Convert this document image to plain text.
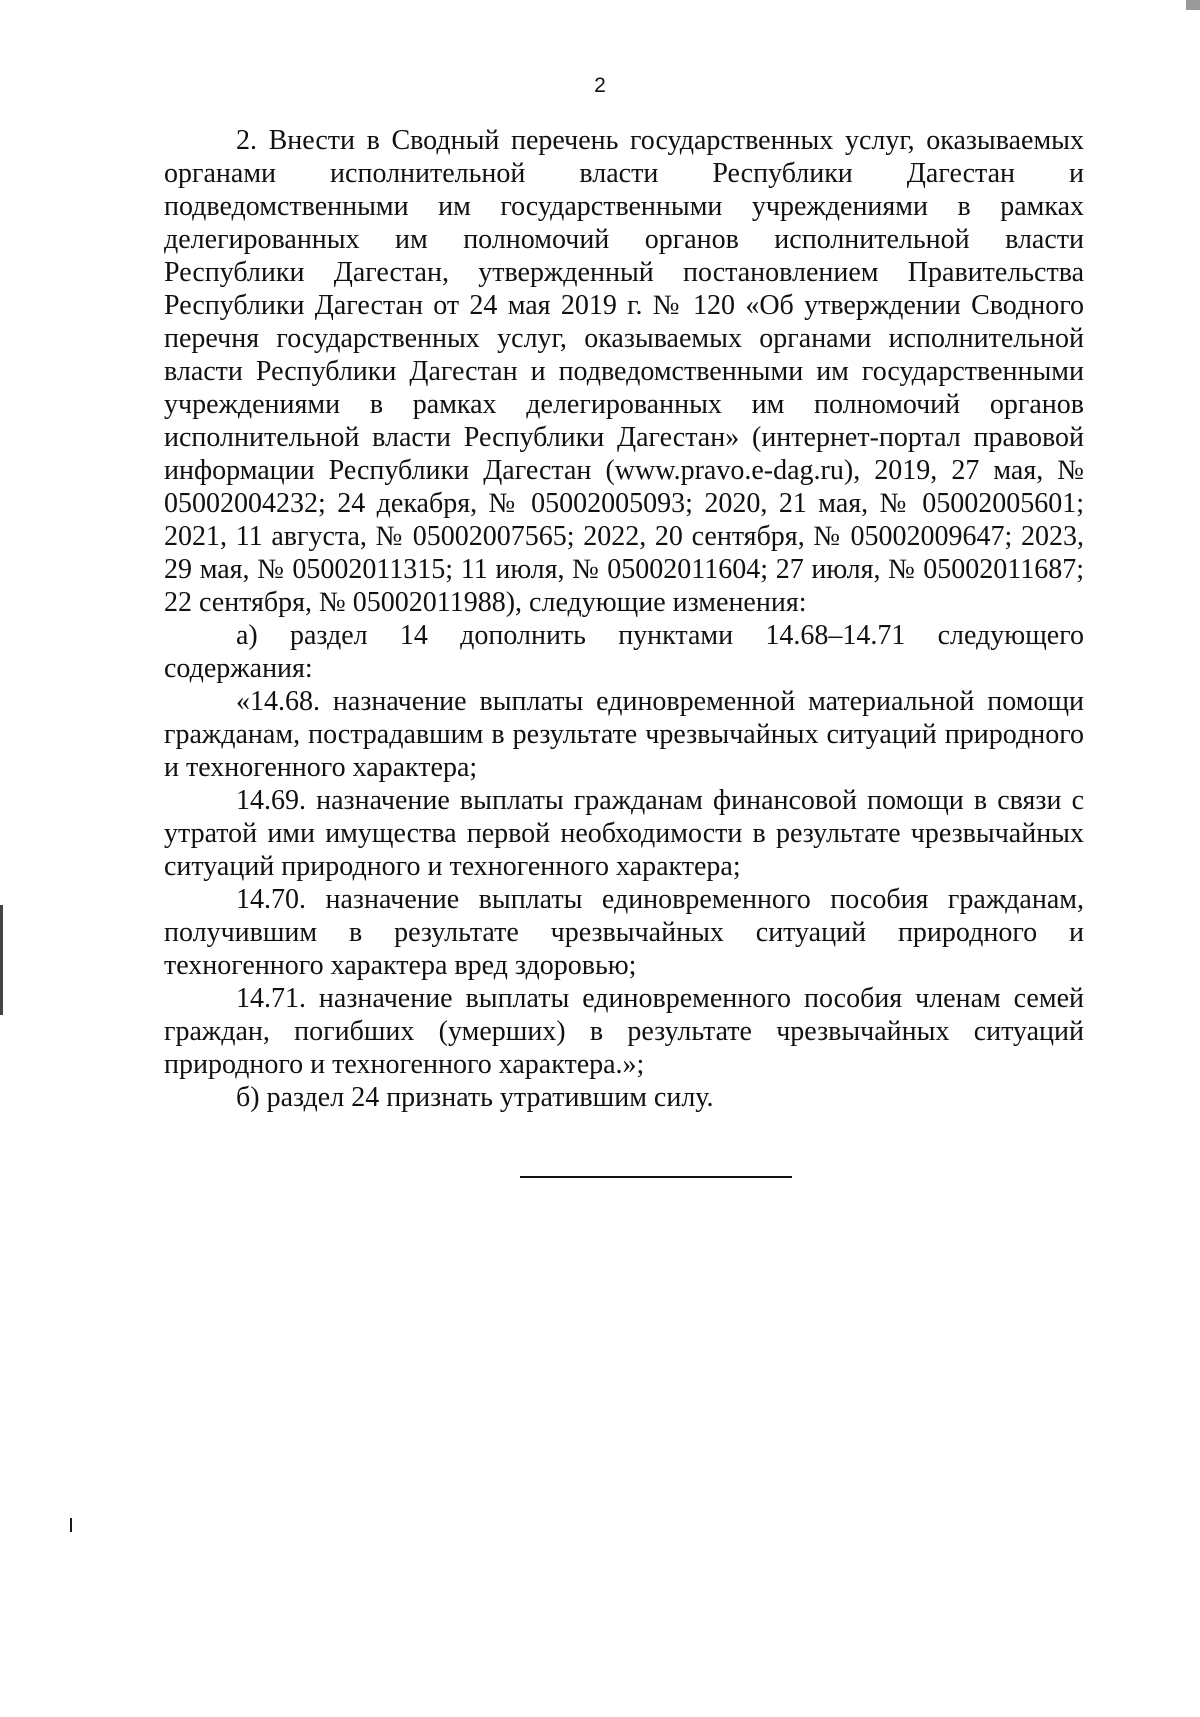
2

2. Внести в Сводный перечень государственных услуг, оказываемых органами исполнительной власти Республики Дагестан и подведомственными им государственными учреждениями в рамках делегированных им полномочий органов исполнительной власти Республики Дагестан, утвержденный постановлением Правительства Республики Дагестан от 24 мая 2019 г. № 120 «Об утверждении Сводного перечня государственных услуг, оказываемых органами исполнительной власти Республики Дагестан и подведомственными им государственными учреждениями в рамках делегированных им полномочий органов исполнительной власти Республики Дагестан» (интернет-портал правовой информации Республики Дагестан (www.pravo.e-dag.ru), 2019, 27 мая, № 05002004232; 24 декабря, № 05002005093; 2020, 21 мая, № 05002005601; 2021, 11 августа, № 05002007565; 2022, 20 сентября, № 05002009647; 2023, 29 мая, № 05002011315; 11 июля, № 05002011604; 27 июля, № 05002011687; 22 сентября, № 05002011988), следующие изменения:

а) раздел 14 дополнить пунктами 14.68–14.71 следующего содержания:

«14.68. назначение выплаты единовременной материальной помощи гражданам, пострадавшим в результате чрезвычайных ситуаций природного и техногенного характера;

14.69. назначение выплаты гражданам финансовой помощи в связи с утратой ими имущества первой необходимости в результате чрезвычайных ситуаций природного и техногенного характера;

14.70. назначение выплаты единовременного пособия гражданам, получившим в результате чрезвычайных ситуаций природного и техногенного характера вред здоровью;

14.71. назначение выплаты единовременного пособия членам семей граждан, погибших (умерших) в результате чрезвычайных ситуаций природного и техногенного характера.»;

б) раздел 24 признать утратившим силу.
